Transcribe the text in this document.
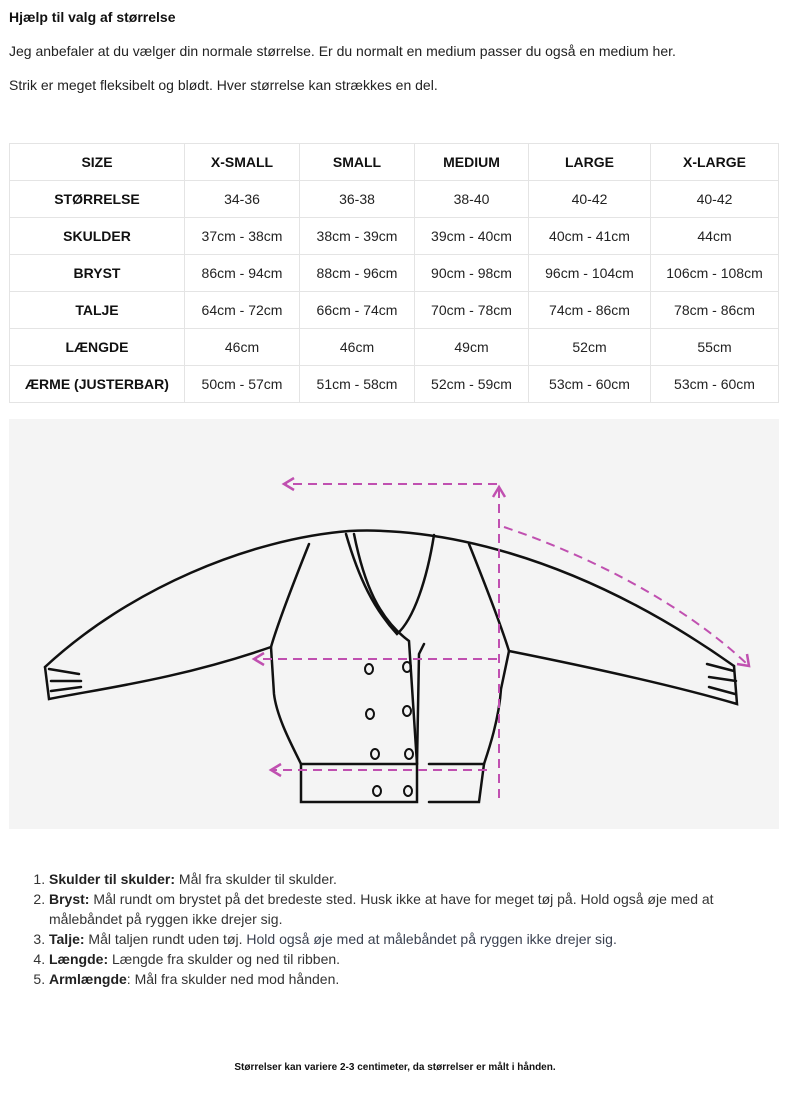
Hjælp til valg af størrelse

Jeg anbefaler at du vælger din normale størrelse. Er du normalt en medium passer du også en medium her.

Strik er meget fleksibelt og blødt. Hver størrelse kan strækkes en del.

SIZE	X-SMALL	SMALL	MEDIUM	LARGE	X-LARGE
STØRRELSE	34-36	36-38	38-40	40-42	40-42
SKULDER	37cm - 38cm	38cm - 39cm	39cm - 40cm	40cm - 41cm	44cm
BRYST	86cm - 94cm	88cm - 96cm	90cm - 98cm	96cm - 104cm	106cm - 108cm
TALJE	64cm - 72cm	66cm - 74cm	70cm - 78cm	74cm - 86cm	78cm - 86cm
LÆNGDE	46cm	46cm	49cm	52cm	55cm
ÆRME (JUSTERBAR)	50cm - 57cm	51cm - 58cm	52cm - 59cm	53cm - 60cm	53cm - 60cm
1. Skulder til skulder: Mål fra skulder til skulder.
2. Bryst: Mål rundt om brystet på det bredeste sted. Husk ikke at have for meget tøj på. Hold også øje med at målebåndet på ryggen ikke drejer sig.
3. Talje: Mål taljen rundt uden tøj. Hold også øje med at målebåndet på ryggen ikke drejer sig.
4. Længde: Længde fra skulder og ned til ribben.
5. Armlængde: Mål fra skulder ned mod hånden.
Størrelser kan variere 2-3 centimeter, da størrelser er målt i hånden.
